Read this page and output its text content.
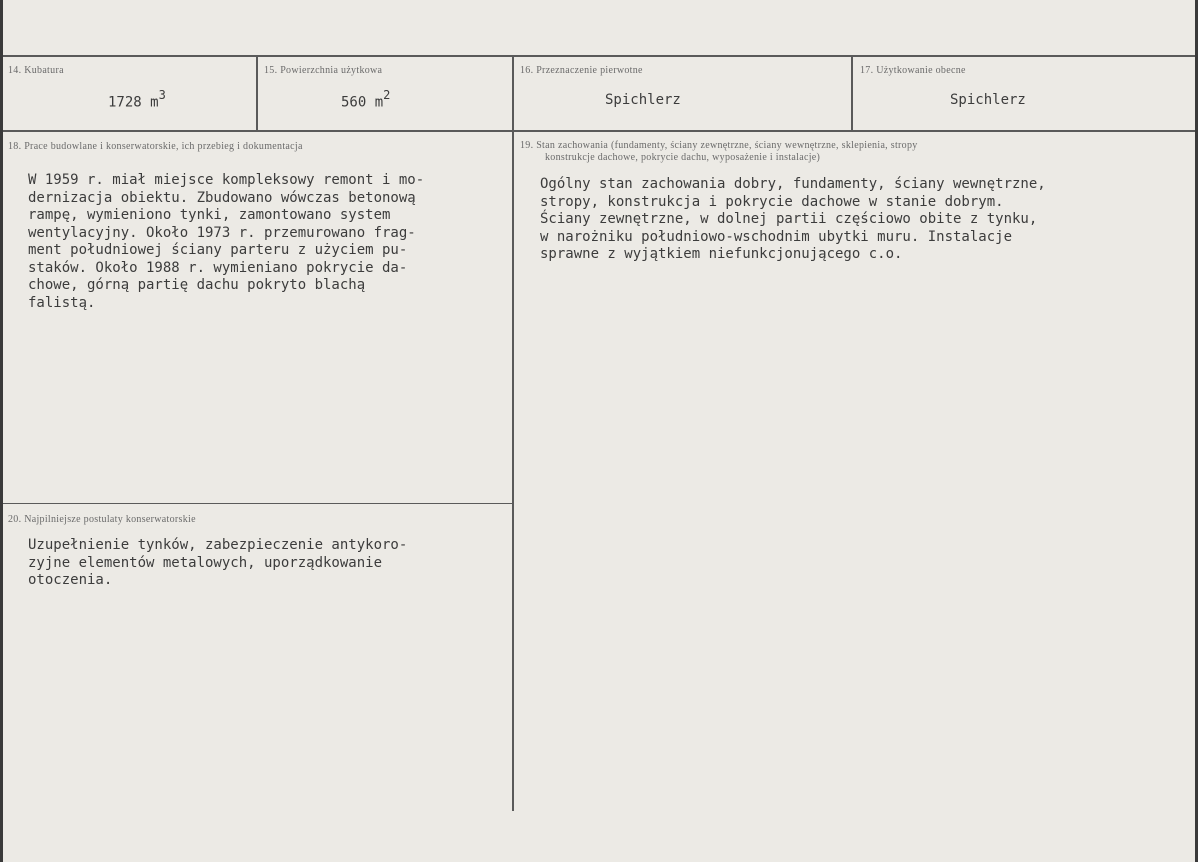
14. Kubatura
1728 $m^3$
15. Powierzchnia użytkowa
560 $m^2$
16. Przeznaczenie pierwotne
Spichlerz
17. Użytkowanie obecne
Spichlerz
18. Prace budowlane i konserwatorskie, ich przebieg i dokumentacja
W 1959 r. miał miejsce kompleksowy remont i mo-
dernizacja obiektu. Zbudowano wówczas betonową
rampę, wymieniono tynki, zamontowano system
wentylacyjny. Około 1973 r. przemurowano frag-
ment południowej ściany parteru z użyciem pu-
staków. Około 1988 r. wymieniano pokrycie da-
chowe, górną partię dachu pokryto blachą
falistą.
19. Stan zachowania (fundamenty, ściany zewnętrzne, ściany wewnętrzne, sklepienia, stropy
konstrukcje dachowe, pokrycie dachu, wyposażenie i instalacje)
Ogólny stan zachowania dobry, fundamenty, ściany wewnętrzne,
stropy, konstrukcja i pokrycie dachowe w stanie dobrym.
Ściany zewnętrzne, w dolnej partii częściowo obite z tynku,
w narożniku południowo-wschodnim ubytki muru. Instalacje
sprawne z wyjątkiem niefunkcjonującego c.o.
20. Najpilniejsze postulaty konserwatorskie
Uzupełnienie tynków, zabezpieczenie antykoro-
zyjne elementów metalowych, uporządkowanie
otoczenia.
